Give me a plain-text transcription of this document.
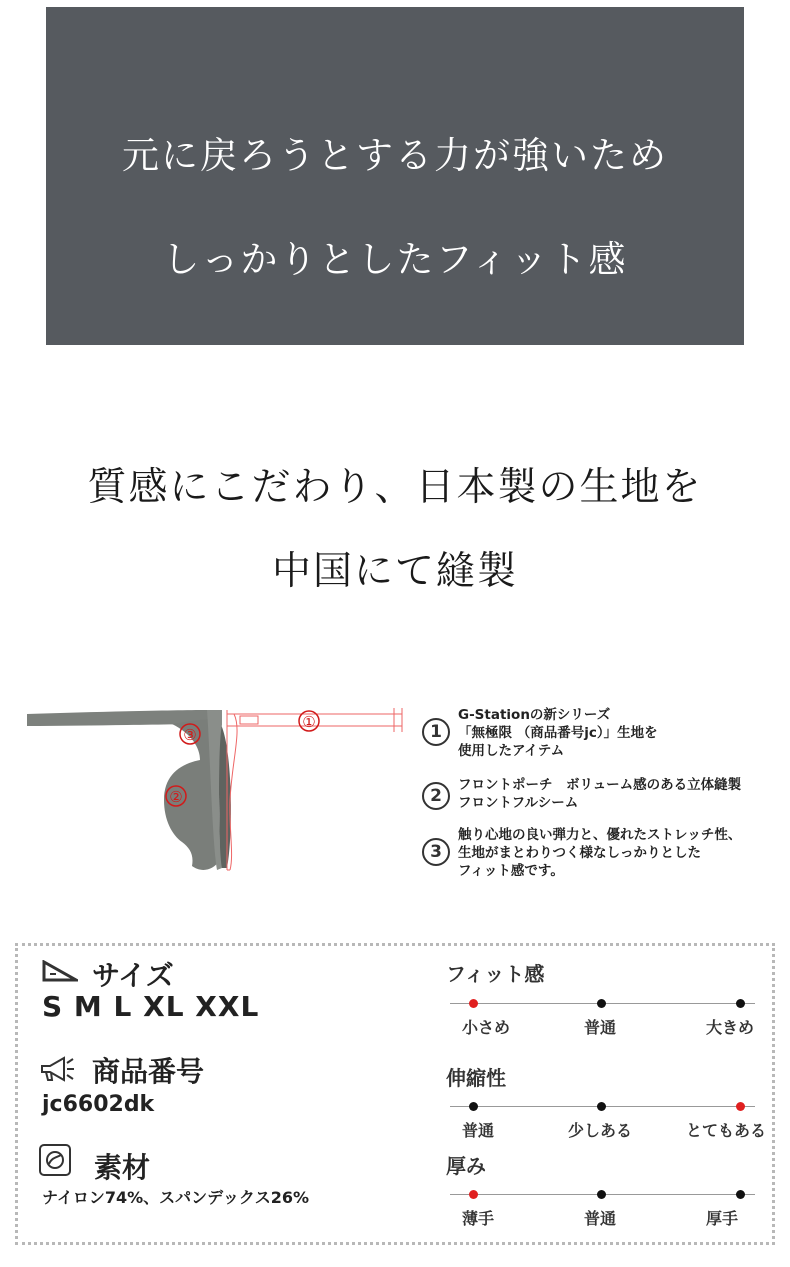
元に戻ろうとする力が強いため
しっかりとしたフィット感
質感にこだわり、日本製の生地を
中国にて縫製
①
③
②
1
G-Stationの新シリーズ
「無極限 （商品番号jc）」生地を
使用したアイテム
2
フロントポーチ　ボリューム感のある立体縫製
フロントフルシーム
3
触り心地の良い弾力と、優れたストレッチ性、
生地がまとわりつく様なしっかりとした
フィット感です。
サイズ
S M L XL XXL
商品番号
jc6602dk
素材
ナイロン74%、スパンデックス26%
フィット感
小さめ	普通	大きめ
伸縮性
普通	少しある	とてもある
厚み
薄手	普通	厚手
